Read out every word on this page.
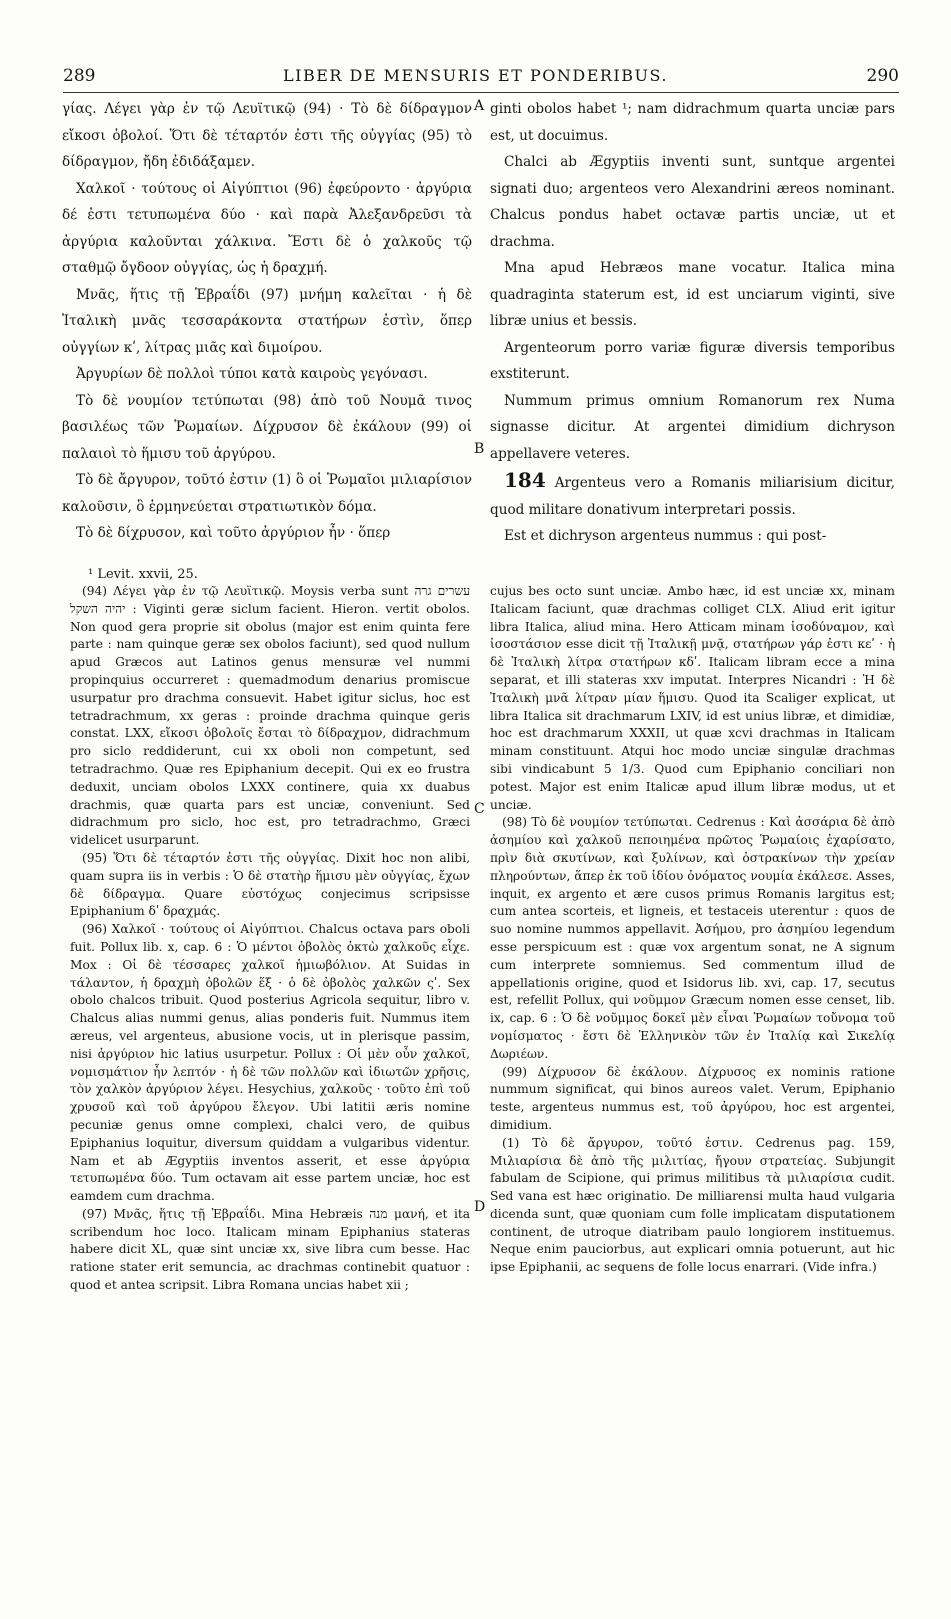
289	LIBER DE MENSURIS ET PONDERIBUS.	290

γίας. Λέγει γὰρ ἐν τῷ Λευϊτικῷ (94) · Τὸ δὲ δίδραγμον εἴκοσι ὀβολοί. Ὅτι δὲ τέταρτόν ἐστι τῆς οὐγγίας (95) τὸ δίδραγμον, ἤδη ἐδιδάξαμεν.

Χαλκοῖ · τούτους οἱ Αἰγύπτιοι (96) ἐφεύροντο · ἀργύρια δέ ἐστι τετυπωμένα δύο · καὶ παρὰ Ἀλεξανδρεῦσι τὰ ἀργύρια καλοῦνται χάλκινα. Ἔστι δὲ ὁ χαλκοῦς τῷ σταθμῷ ὄγδοον οὐγγίας, ὡς ἡ δραχμή.

Μνᾶς, ἥτις τῇ Ἑβραΐδι (97) μνήμη καλεῖται · ἡ δὲ Ἰταλικὴ μνᾶς τεσσαράκοντα στατήρων ἐστὶν, ὅπερ οὐγγίων κʹ, λίτρας μιᾶς καὶ διμοίρου.

Ἀργυρίων δὲ πολλοὶ τύποι κατὰ καιροὺς γεγόνασι.

Τὸ δὲ νουμίον τετύπωται (98) ἀπὸ τοῦ Νουμᾶ τινος βασιλέως τῶν Ῥωμαίων. Δίχρυσον δὲ ἐκάλουν (99) οἱ παλαιοὶ τὸ ἥμισυ τοῦ ἀργύρου.

Τὸ δὲ ἄργυρον, τοῦτό ἐστιν (1) ὃ οἱ Ῥωμαῖοι μιλιαρίσιον καλοῦσιν, ὃ ἑρμηνεύεται στρατιωτικὸν δόμα.

Τὸ δὲ δίχρυσον, καὶ τοῦτο ἀργύριον ἦν · ὅπερ

ginti obolos habet ¹; nam didrachmum quarta unciæ pars est, ut docuimus.

Chalci ab Ægyptiis inventi sunt, suntque argentei signati duo; argenteos vero Alexandrini æreos nominant. Chalcus pondus habet octavæ partis unciæ, ut et drachma.

Mna apud Hebræos mane vocatur. Italica mina quadraginta staterum est, id est unciarum viginti, sive libræ unius et bessis.

Argenteorum porro variæ figuræ diversis temporibus exstiterunt.

Nummum primus omnium Romanorum rex Numa signasse dicitur. At argentei dimidium dichryson appellavere veteres.

184 Argenteus vero a Romanis miliarisium dicitur, quod militare donativum interpretari possis.

Est et dichryson argenteus nummus : qui post-

A
B
C
D
¹ Levit. xxvii, 25.

(94) Λέγει γὰρ ἐν τῷ Λευϊτικῷ. Moysis verba sunt עשרים גרה יהיה השקל : Viginti geræ siclum facient. Hieron. vertit obolos. Non quod gera proprie sit obolus (major est enim quinta fere parte : nam quinque geræ sex obolos faciunt), sed quod nullum apud Græcos aut Latinos genus mensuræ vel nummi propinquius occurreret : quemadmodum denarius promiscue usurpatur pro drachma consuevit. Habet igitur siclus, hoc est tetradrachmum, xx geras : proinde drachma quinque geris constat. LXX, εἴκοσι ὀβολοῖς ἔσται τὸ δίδραχμον, didrachmum pro siclo reddiderunt, cui xx oboli non competunt, sed tetradrachmo. Quæ res Epiphanium decepit. Qui ex eo frustra deduxit, unciam obolos LXXX continere, quia xx duabus drachmis, quæ quarta pars est unciæ, conveniunt. Sed didrachmum pro siclo, hoc est, pro tetradrachmo, Græci videlicet usurparunt.

(95) Ὅτι δὲ τέταρτόν ἐστι τῆς οὐγγίας. Dixit hoc non alibi, quam supra iis in verbis : Ὁ δὲ στατὴρ ἥμισυ μὲν οὐγγίας, ἔχων δὲ δίδραγμα. Quare εὐστόχως conjecimus scripsisse Epiphanium δʹ δραχμάς.

(96) Χαλκοῖ · τούτους οἱ Αἰγύπτιοι. Chalcus octava pars oboli fuit. Pollux lib. x, cap. 6 : Ὁ μέντοι ὀβολὸς ὀκτὼ χαλκοῦς εἶχε. Mox : Οἱ δὲ τέσσαρες χαλκοῖ ἡμιωβόλιον. At Suidas in τάλαντον, ἡ δραχμὴ ὀβολῶν ἕξ · ὁ δὲ ὀβολὸς χαλκῶν ςʹ. Sex obolo chalcos tribuit. Quod posterius Agricola sequitur, libro v. Chalcus alias nummi genus, alias ponderis fuit. Nummus item æreus, vel argenteus, abusione vocis, ut in plerisque passim, nisi ἀργύριον hic latius usurpetur. Pollux : Οἱ μὲν οὖν χαλκοῖ, νομισμάτιον ἦν λεπτόν · ἡ δὲ τῶν πολλῶν καὶ ἰδιωτῶν χρῆσις, τὸν χαλκὸν ἀργύριον λέγει. Hesychius, χαλκοῦς · τοῦτο ἐπὶ τοῦ χρυσοῦ καὶ τοῦ ἀργύρου ἔλεγον. Ubi latitii æris nomine pecuniæ genus omne complexi, chalci vero, de quibus Epiphanius loquitur, diversum quiddam a vulgaribus videntur. Nam et ab Ægyptiis inventos asserit, et esse ἀργύρια τετυπωμένα δύο. Tum octavam ait esse partem unciæ, hoc est eamdem cum drachma.

(97) Μνᾶς, ἥτις τῇ Ἑβραΐδι. Mina Hebræis מנה μανή, et ita scribendum hoc loco. Italicam minam Epiphanius stateras habere dicit XL, quæ sint unciæ xx, sive libra cum besse. Hac ratione stater erit semuncia, ac drachmas continebit quatuor : quod et antea scripsit. Libra Romana uncias habet xii ;

cujus bes octo sunt unciæ. Ambo hæc, id est unciæ xx, minam Italicam faciunt, quæ drachmas colliget CLX. Aliud erit igitur libra Italica, aliud mina. Hero Atticam minam ἰσοδύναμον, καὶ ἰσοστάσιον esse dicit τῇ Ἰταλικῇ μνᾷ, στατήρων γάρ ἐστι κεʹ · ἡ δὲ Ἰταλικὴ λίτρα στατήρων κδʹ. Italicam libram ecce a mina separat, et illi stateras xxv imputat. Interpres Nicandri : Ἡ δὲ Ἰταλικὴ μνᾶ λίτραν μίαν ἥμισυ. Quod ita Scaliger explicat, ut libra Italica sit drachmarum LXIV, id est unius libræ, et dimidiæ, hoc est drachmarum XXXII, ut quæ xcvi drachmas in Italicam minam constituunt. Atqui hoc modo unciæ singulæ drachmas sibi vindicabunt 5 1/3. Quod cum Epiphanio conciliari non potest. Major est enim Italicæ apud illum libræ modus, ut et unciæ.

(98) Τὸ δὲ νουμίον τετύπωται. Cedrenus : Καὶ ἀσσάρια δὲ ἀπὸ ἀσημίου καὶ χαλκοῦ πεποιημένα πρῶτος Ῥωμαίοις ἐχαρίσατο, πρὶν διὰ σκυτίνων, καὶ ξυλίνων, καὶ ὀστρακίνων τὴν χρείαν πληρούντων, ἅπερ ἐκ τοῦ ἰδίου ὀνόματος νουμία ἐκάλεσε. Asses, inquit, ex argento et ære cusos primus Romanis largitus est; cum antea scorteis, et ligneis, et testaceis uterentur : quos de suo nomine nummos appellavit. Ἀσήμου, pro ἀσημίου legendum esse perspicuum est : quæ vox argentum sonat, ne A signum cum interprete somniemus. Sed commentum illud de appellationis origine, quod et Isidorus lib. xvi, cap. 17, secutus est, refellit Pollux, qui νοῦμμον Græcum nomen esse censet, lib. ix, cap. 6 : Ὁ δὲ νοῦμμος δοκεῖ μὲν εἶναι Ῥωμαίων τοὔνομα τοῦ νομίσματος · ἔστι δὲ Ἑλληνικὸν τῶν ἐν Ἰταλίᾳ καὶ Σικελίᾳ Δωριέων.

(99) Δίχρυσον δὲ ἐκάλουν. Δίχρυσος ex nominis ratione nummum significat, qui binos aureos valet. Verum, Epiphanio teste, argenteus nummus est, τοῦ ἀργύρου, hoc est argentei, dimidium.

(1) Τὸ δὲ ἄργυρον, τοῦτό ἐστιν. Cedrenus pag. 159, Μιλιαρίσια δὲ ἀπὸ τῆς μιλιτίας, ἤγουν στρατείας. Subjungit fabulam de Scipione, qui primus militibus τὰ μιλιαρίσια cudit. Sed vana est hæc originatio. De milliarensi multa haud vulgaria dicenda sunt, quæ quoniam cum folle implicatam disputationem continent, de utroque diatribam paulo longiorem instituemus. Neque enim pauciorbus, aut explicari omnia potuerunt, aut hic ipse Epiphanii, ac sequens de folle locus enarrari. (Vide infra.)
